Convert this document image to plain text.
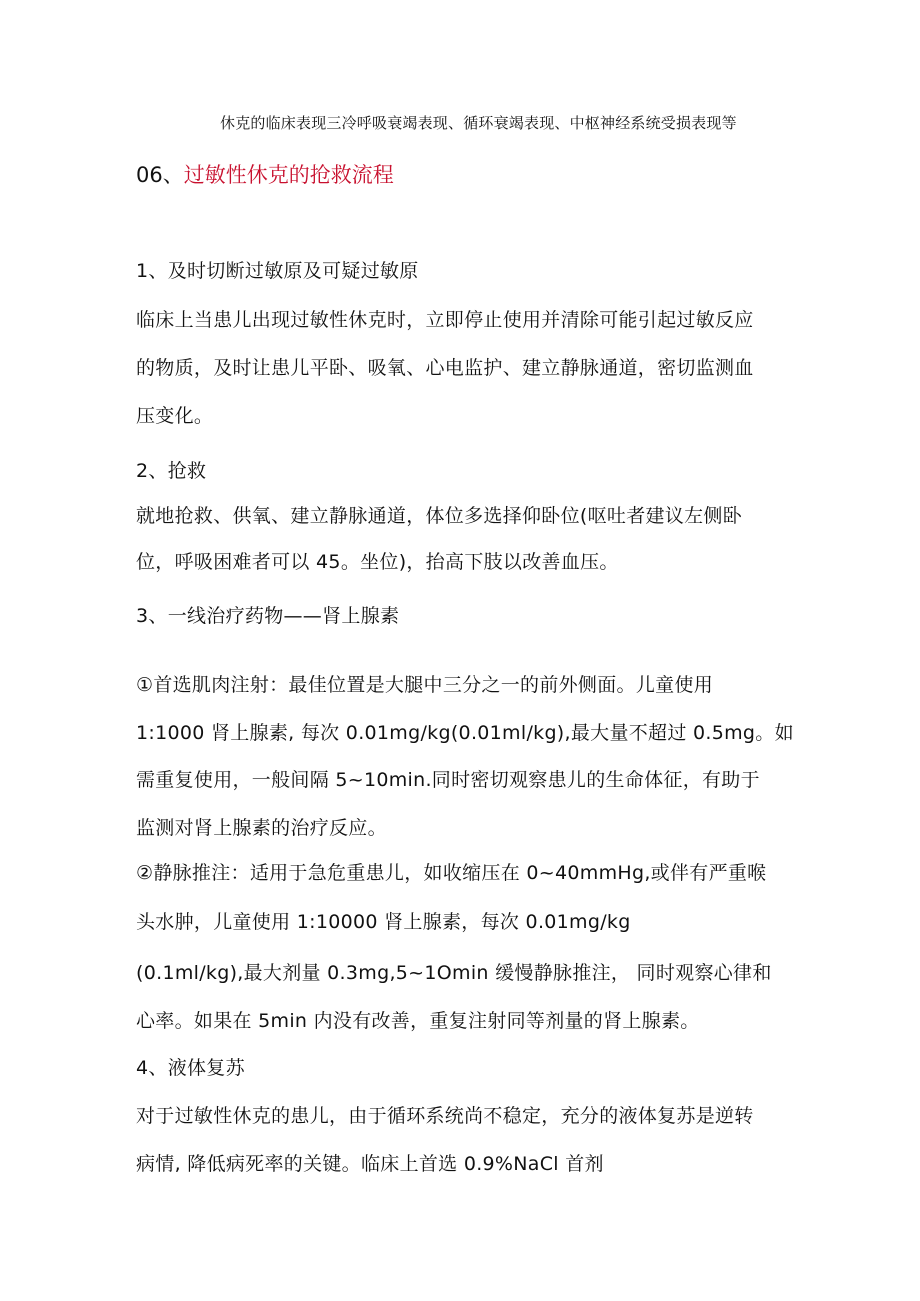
休克的临床表现三冷呼吸衰竭表现、循环衰竭表现、中枢神经系统受损表现等
06、过敏性休克的抢救流程
1、及时切断过敏原及可疑过敏原
临床上当患儿出现过敏性休克时，立即停止使用并清除可能引起过敏反应
的物质，及时让患儿平卧、吸氧、心电监护、建立静脉通道，密切监测血
压变化。
2、抢救
就地抢救、供氧、建立静脉通道，体位多选择仰卧位(呕吐者建议左侧卧
位，呼吸困难者可以 45。坐位)，抬高下肢以改善血压。
3、一线治疗药物——肾上腺素
①首选肌肉注射：最佳位置是大腿中三分之一的前外侧面。儿童使用
1:1000 肾上腺素, 每次 0.01mg/kg(0.01ml/kg),最大量不超过 0.5mg。如
需重复使用，一般间隔 5~10min.同时密切观察患儿的生命体征，有助于
监测对肾上腺素的治疗反应。
②静脉推注：适用于急危重患儿，如收缩压在 0~40mmHg,或伴有严重喉
头水肿，儿童使用 1:10000 肾上腺素，每次 0.01mg/kg
(0.1ml/kg),最大剂量 0.3mg,5~1Omin 缓慢静脉推注， 同时观察心律和
心率。如果在 5min 内没有改善，重复注射同等剂量的肾上腺素。
4、液体复苏
对于过敏性休克的患儿，由于循环系统尚不稳定，充分的液体复苏是逆转
病情, 降低病死率的关键。临床上首选 0.9%NaCl 首剂
